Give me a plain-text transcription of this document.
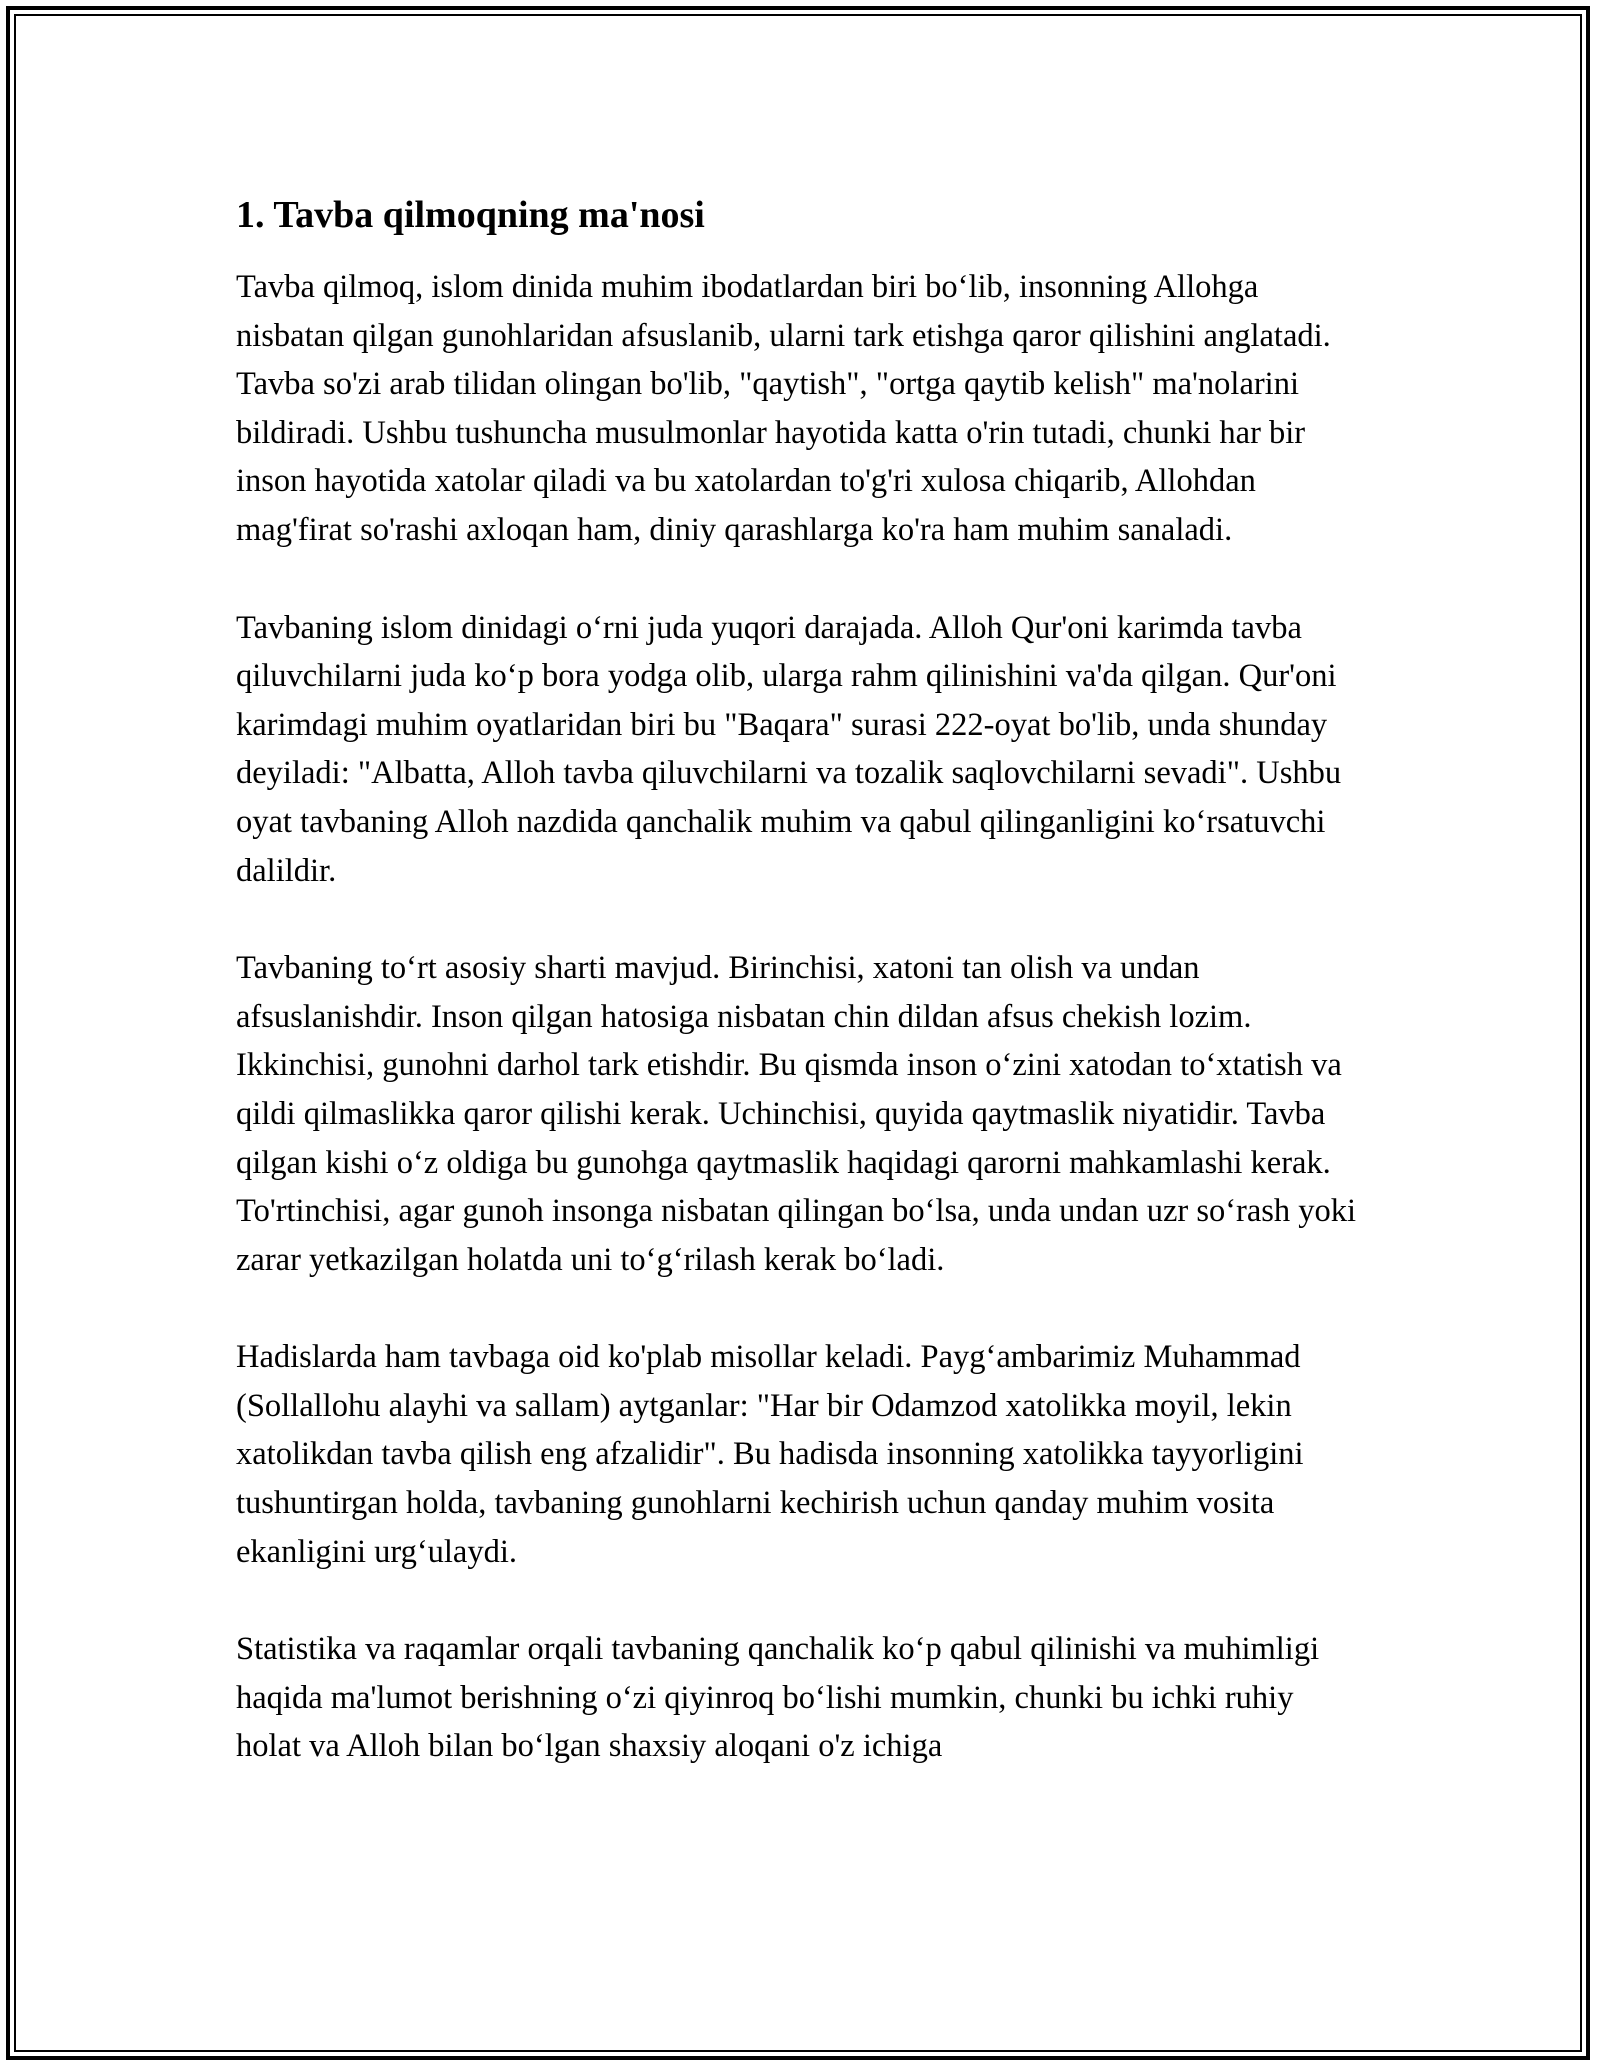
1. Tavba qilmoqning ma'nosi

Tavba qilmoq, islom dinida muhim ibodatlardan biri bo‘lib, insonning Allohga nisbatan qilgan gunohlaridan afsuslanib, ularni tark etishga qaror qilishini anglatadi. Tavba so'zi arab tilidan olingan bo'lib, "qaytish", "ortga qaytib kelish" ma'nolarini bildiradi. Ushbu tushuncha musulmonlar hayotida katta o'rin tutadi, chunki har bir inson hayotida xatolar qiladi va bu xatolardan to'g'ri xulosa chiqarib, Allohdan mag'firat so'rashi axloqan ham, diniy qarashlarga ko'ra ham muhim sanaladi.

Tavbaning islom dinidagi o‘rni juda yuqori darajada. Alloh Qur'oni karimda tavba qiluvchilarni juda ko‘p bora yodga olib, ularga rahm qilinishini va'da qilgan. Qur'oni karimdagi muhim oyatlaridan biri bu "Baqara" surasi 222-oyat bo'lib, unda shunday deyiladi: "Albatta, Alloh tavba qiluvchilarni va tozalik saqlovchilarni sevadi". Ushbu oyat tavbaning Alloh nazdida qanchalik muhim va qabul qilinganligini ko‘rsatuvchi dalildir.

Tavbaning to‘rt asosiy sharti mavjud. Birinchisi, xatoni tan olish va undan afsuslanishdir. Inson qilgan hatosiga nisbatan chin dildan afsus chekish lozim. Ikkinchisi, gunohni darhol tark etishdir. Bu qismda inson o‘zini xatodan to‘xtatish va qildi qilmaslikka qaror qilishi kerak. Uchinchisi, quyida qaytmaslik niyatidir. Tavba qilgan kishi o‘z oldiga bu gunohga qaytmaslik haqidagi qarorni mahkamlashi kerak. To'rtinchisi, agar gunoh insonga nisbatan qilingan bo‘lsa, unda undan uzr so‘rash yoki zarar yetkazilgan holatda uni to‘g‘rilash kerak bo‘ladi.

Hadislarda ham tavbaga oid ko'plab misollar keladi. Payg‘ambarimiz Muhammad (Sollallohu alayhi va sallam) aytganlar: "Har bir Odamzod xatolikka moyil, lekin xatolikdan tavba qilish eng afzalidir". Bu hadisda insonning xatolikka tayyorligini tushuntirgan holda, tavbaning gunohlarni kechirish uchun qanday muhim vosita ekanligini urg‘ulaydi.

Statistika va raqamlar orqali tavbaning qanchalik ko‘p qabul qilinishi va muhimligi haqida ma'lumot berishning o‘zi qiyinroq bo‘lishi mumkin, chunki bu ichki ruhiy holat va Alloh bilan bo‘lgan shaxsiy aloqani o'z ichiga
